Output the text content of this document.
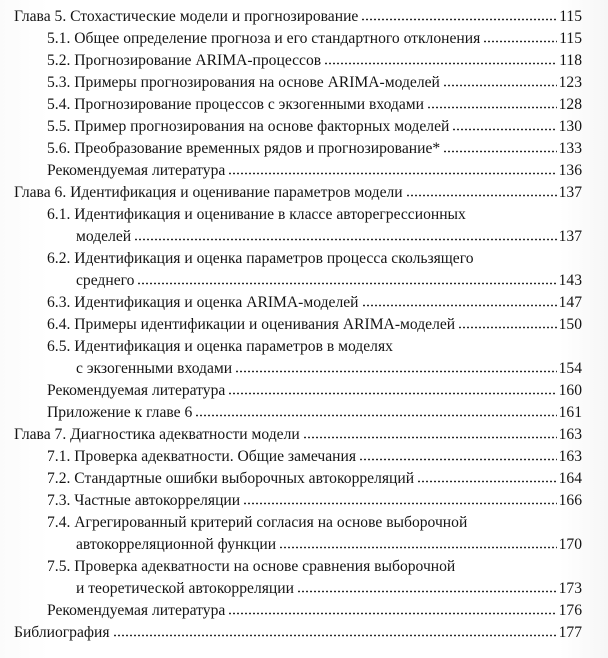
Глава 5. Стохастические модели и прогнозирование	115
5.1. Общее определение прогноза и его стандартного отклонения	115
5.2. Прогнозирование ARIMA-процессов	118
5.3. Примеры прогнозирования на основе ARIMA-моделей	123
5.4. Прогнозирование процессов с экзогенными входами	128
5.5. Пример прогнозирования на основе факторных моделей	130
5.6. Преобразование временных рядов и прогнозирование*	133
Рекомендуемая литература	136
Глава 6. Идентификация и оценивание параметров модели	137
6.1. Идентификация и оценивание в классе авторегрессионных
моделей	137
6.2. Идентификация и оценка параметров процесса скользящего
среднего	143
6.3. Идентификация и оценка ARIMA-моделей	147
6.4. Примеры идентификации и оценивания ARIMA-моделей	150
6.5. Идентификация и оценка параметров в моделях
с экзогенными входами	154
Рекомендуемая литература	160
Приложение к главе 6	161
Глава 7. Диагностика адекватности модели	163
7.1. Проверка адекватности. Общие замечания	163
7.2. Стандартные ошибки выборочных автокорреляций	164
7.3. Частные автокорреляции	166
7.4. Агрегированный критерий согласия на основе выборочной
автокорреляционной функции	170
7.5. Проверка адекватности на основе сравнения выборочной
и теоретической автокорреляции	173
Рекомендуемая литература	176
Библиография	177
